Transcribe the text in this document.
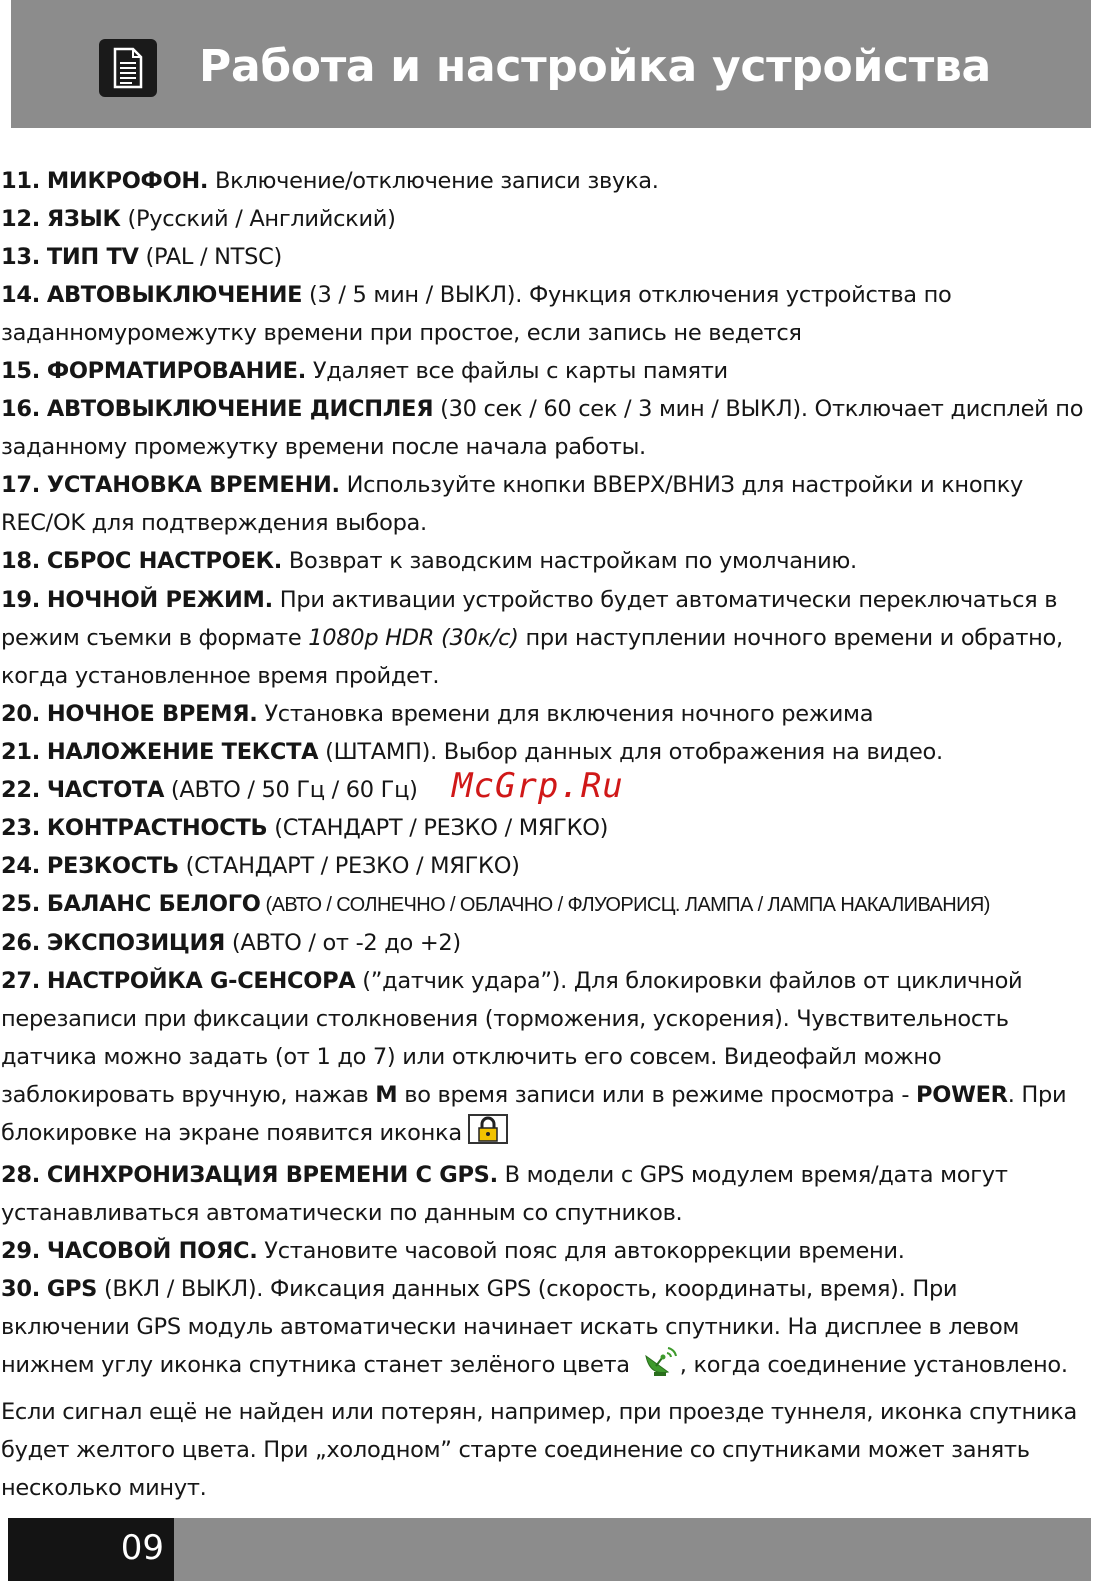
Работа и настройка устройства

11. МИКРОФОН. Включение/отключение записи звука.

12. ЯЗЫК (Русский / Английский)

13. ТИП TV (PAL / NTSC)

14. АВТОВЫКЛЮЧЕНИЕ (3 / 5 мин / ВЫКЛ). Функция отключения устройства по заданномуромежутку времени при простое, если запись не ведется

15. ФОРМАТИРОВАНИЕ. Удаляет все файлы с карты памяти

16. АВТОВЫКЛЮЧЕНИЕ ДИСПЛЕЯ (30 сек / 60 сек / 3 мин / ВЫКЛ). Отключает дисплей по заданному промежутку времени после начала работы.

17. УСТАНОВКА ВРЕМЕНИ. Используйте кнопки ВВЕРХ/ВНИЗ для настройки и кнопку REC/OK для подтверждения выбора.

18. СБРОС НАСТРОЕК. Возврат к заводским настройкам по умолчанию.

19. НОЧНОЙ РЕЖИМ. При активации устройство будет автоматически переключаться в режим съемки в формате 1080p HDR (30к/с) при наступлении ночного времени и обратно, когда установленное время пройдет.

20. НОЧНОЕ ВРЕМЯ. Установка времени для включения ночного режима

21. НАЛОЖЕНИЕ ТЕКСТА (ШТАМП). Выбор данных для отображения на видео.

22. ЧАСТОТА (АВТО / 50 Гц / 60 Гц)

23. КОНТРАСТНОСТЬ (СТАНДАРТ / РЕЗКО / МЯГКО)

24. РЕЗКОСТЬ (СТАНДАРТ / РЕЗКО / МЯГКО)

25. БАЛАНС БЕЛОГО (АВТО / СОЛНЕЧНО / ОБЛАЧНО / ФЛУОРИСЦ. ЛАМПА / ЛАМПА НАКАЛИВАНИЯ)

26. ЭКСПОЗИЦИЯ (АВТО / от -2 до +2)

27. НАСТРОЙКА G-СЕНСОРА (”датчик удара”). Для блокировки файлов от цикличной перезаписи при фиксации столкновения (торможения, ускорения). Чувствительность датчика можно задать (от 1 до 7) или отключить его совсем. Видеофайл можно заблокировать вручную, нажав M во время записи или в режиме просмотра - POWER. При блокировке на экране появится иконка

28. СИНХРОНИЗАЦИЯ ВРЕМЕНИ С GPS. В модели с GPS модулем время/дата могут устанавливаться автоматически по данным со спутников.

29. ЧАСОВОЙ ПОЯС. Установите часовой пояс для автокоррекции времени.

30. GPS (ВКЛ / ВЫКЛ). Фиксация данных GPS (скорость, координаты, время). При включении GPS модуль автоматически начинает искать спутники. На дисплее в левом нижнем углу иконка спутника станет зелёного цвета , когда соединение установлено. Если сигнал ещё не найден или потерян, например, при проезде туннеля, иконка спутника будет желтого цвета. При „холодном” старте соединение со спутниками может занять несколько минут.

McGrp.Ru

09
